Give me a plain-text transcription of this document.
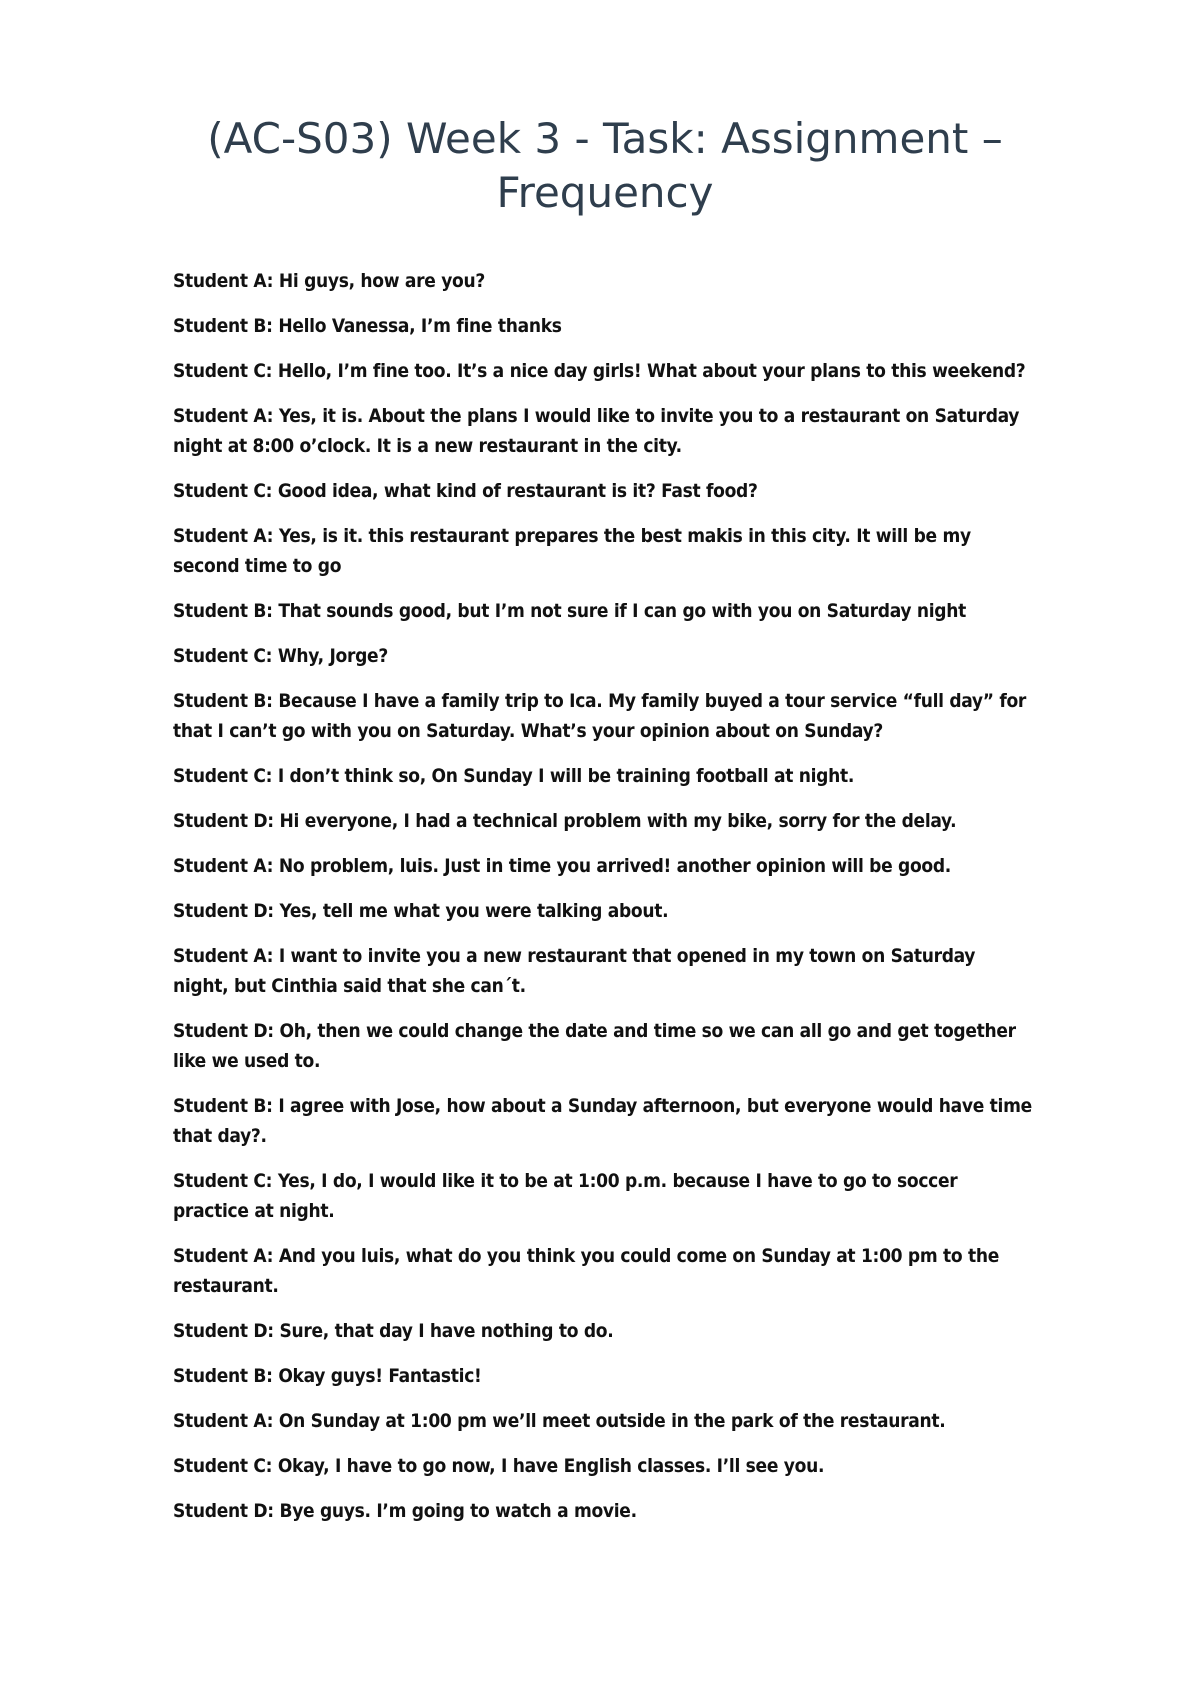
(AC-S03) Week 3 - Task: Assignment –
Frequency

Student A: Hi guys, how are you?

Student B: Hello Vanessa, I’m fine thanks

Student C: Hello, I’m fine too. It’s a nice day girls! What about your plans to this weekend?

Student A: Yes, it is. About the plans I would like to invite you to a restaurant on Saturday night at 8:00 o’clock. It is a new restaurant in the city.

Student C: Good idea, what kind of restaurant is it? Fast food?

Student A: Yes, is it. this restaurant prepares the best makis in this city. It will be my second time to go

Student B: That sounds good, but I’m not sure if I can go with you on Saturday night

Student C: Why, Jorge?

Student B: Because I have a family trip to Ica. My family buyed a tour service “full day” for that I can’t go with you on Saturday. What’s your opinion about on Sunday?

Student C: I don’t think so, On Sunday I will be training football at night.

Student D: Hi everyone, I had a technical problem with my bike, sorry for the delay.

Student A: No problem, luis. Just in time you arrived! another opinion will be good.

Student D: Yes, tell me what you were talking about.

Student A: I want to invite you a new restaurant that opened in my town on Saturday night, but Cinthia said that she can´t.

Student D: Oh, then we could change the date and time so we can all go and get together like we used to.

Student B: I agree with Jose, how about a Sunday afternoon, but everyone would have time that day?.

Student C: Yes, I do, I would like it to be at 1:00 p.m. because I have to go to soccer practice at night.

Student A: And you luis, what do you think you could come on Sunday at 1:00 pm to the restaurant.

Student D: Sure, that day I have nothing to do.

Student B: Okay guys! Fantastic!

Student A: On Sunday at 1:00 pm we’ll meet outside in the park of the restaurant.

Student C: Okay, I have to go now, I have English classes. I’ll see you.

Student D: Bye guys. I’m going to watch a movie.
